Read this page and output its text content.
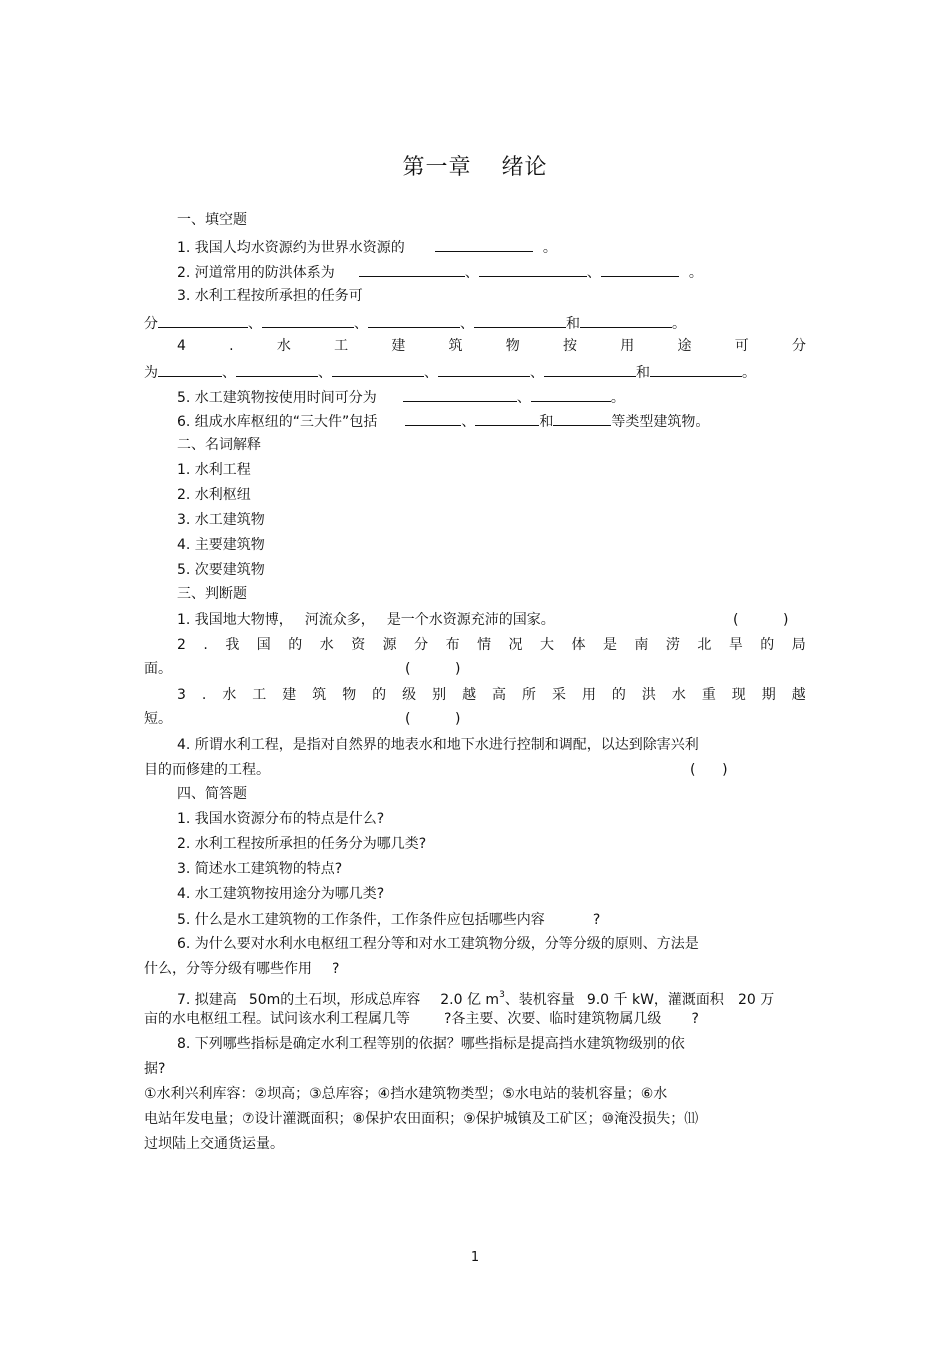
第一章 绪论
一、填空题
1. 我国人均水资源约为世界水资源的	。
2. 河道常用的防洪体系为	、	、	。
3. 水利工程按所承担的任务可
分	、	、	、	和	。
4	.	水	工	建	筑	物	按	用	途	可	分
为	、	、	、	、	和	。
5. 水工建筑物按使用时间可分为	、	。
6. 组成水库枢纽的“三大件”包括	、	和	等类型建筑物。
二、名词解释
1. 水利工程
2. 水利枢纽
3. 水工建筑物
4. 主要建筑物
5. 次要建筑物
三、判断题
1. 我国地大物博， 河流众多， 是一个水资源充沛的国家。	(          )
2 . 我 国 的 水 资 源 分 布 情 况 大 体 是 南 涝 北 旱 的 局
面。	(          )
3 . 水 工 建 筑 物 的 级 别 越 高 所 采 用 的 洪 水 重 现 期 越
短。	(          )
4. 所谓水利工程，是指对自然界的地表水和地下水进行控制和调配，以达到除害兴利
目的而修建的工程。	(      )
四、简答题
1. 我国水资源分布的特点是什么?
2. 水利工程按所承担的任务分为哪几类?
3. 简述水工建筑物的特点?
4. 水工建筑物按用途分为哪几类?
5. 什么是水工建筑物的工作条件，工作条件应包括哪些内容	?
6. 为什么要对水利水电枢纽工程分等和对水工建筑物分级，分等分级的原则、方法是
什么，分等分级有哪些作用 ?
7. 拟建高 50m的土石坝，形成总库容 2.0 亿 $m^3$、装机容量 9.0 千 kW，灌溉面积 20 万
亩的水电枢纽工程。试问该水利工程属几等 ?各主要、次要、临时建筑物属几级 ?
8. 下列哪些指标是确定水利工程等别的依据？哪些指标是提高挡水建筑物级别的依
据?
①水利兴利库容：②坝高；③总库容；④挡水建筑物类型；⑤水电站的装机容量；⑥水
电站年发电量；⑦设计灌溉面积；⑧保护农田面积；⑨保护城镇及工矿区；⑩淹没损失；⑾
过坝陆上交通货运量。
1
